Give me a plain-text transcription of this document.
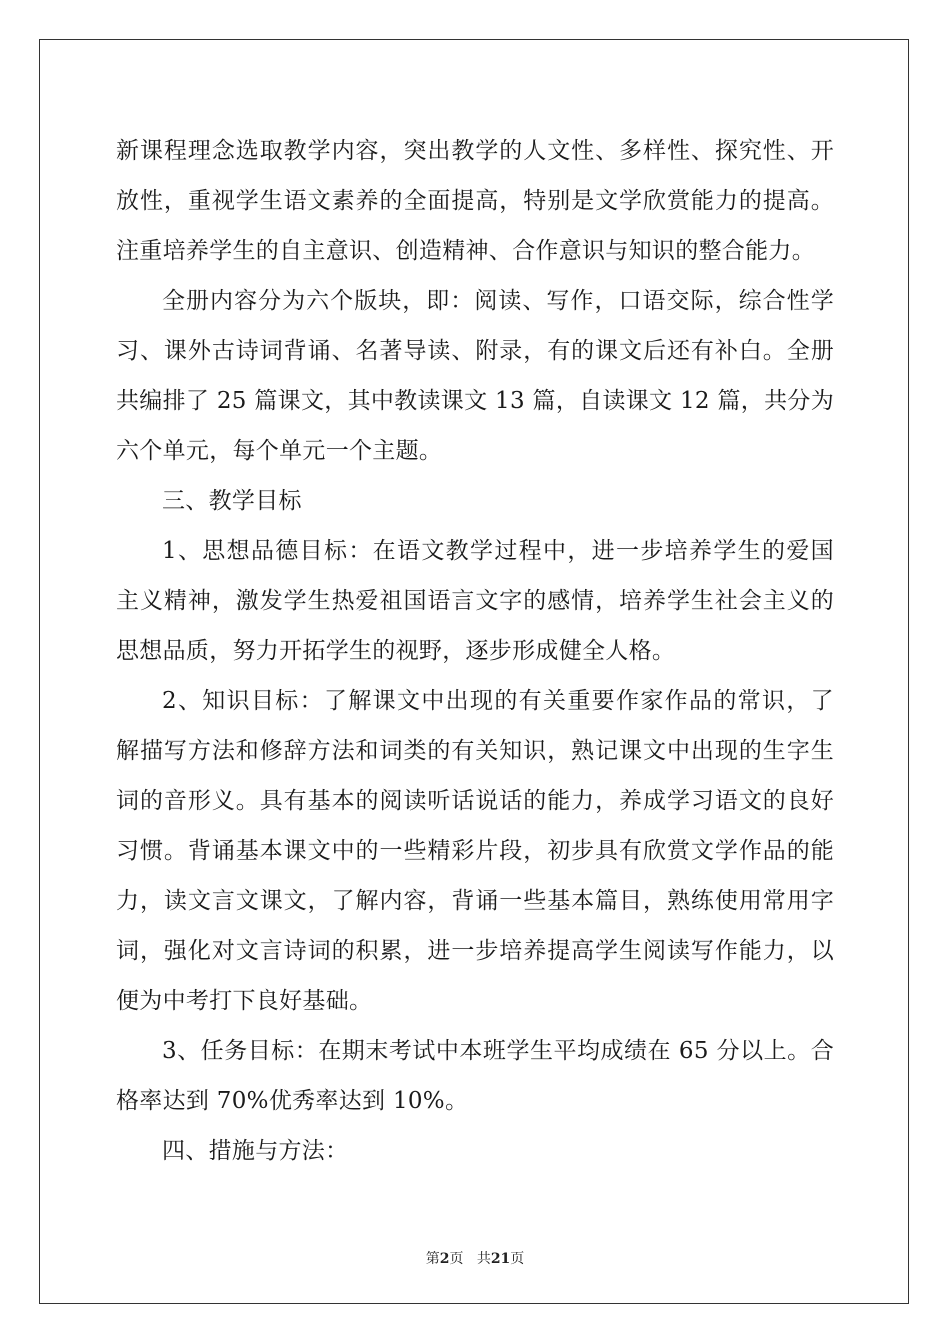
新课程理念选取教学内容，突出教学的人文性、多样性、探究性、开
放性，重视学生语文素养的全面提高，特别是文学欣赏能力的提高。
注重培养学生的自主意识、创造精神、合作意识与知识的整合能力。
全册内容分为六个版块，即：阅读、写作，口语交际，综合性学
习、课外古诗词背诵、名著导读、附录，有的课文后还有补白。全册
共编排了 25 篇课文，其中教读课文 13 篇，自读课文 12 篇，共分为
六个单元，每个单元一个主题。
三、教学目标
1、思想品德目标：在语文教学过程中，进一步培养学生的爱国
主义精神，激发学生热爱祖国语言文字的感情，培养学生社会主义的
思想品质，努力开拓学生的视野，逐步形成健全人格。
2、知识目标：了解课文中出现的有关重要作家作品的常识，了
解描写方法和修辞方法和词类的有关知识，熟记课文中出现的生字生
词的音形义。具有基本的阅读听话说话的能力，养成学习语文的良好
习惯。背诵基本课文中的一些精彩片段，初步具有欣赏文学作品的能
力，读文言文课文，了解内容，背诵一些基本篇目，熟练使用常用字
词，强化对文言诗词的积累，进一步培养提高学生阅读写作能力，以
便为中考打下良好基础。
3、任务目标：在期末考试中本班学生平均成绩在 65 分以上。合
格率达到 70%优秀率达到 10%。
四、措施与方法：
第2页 共21页
